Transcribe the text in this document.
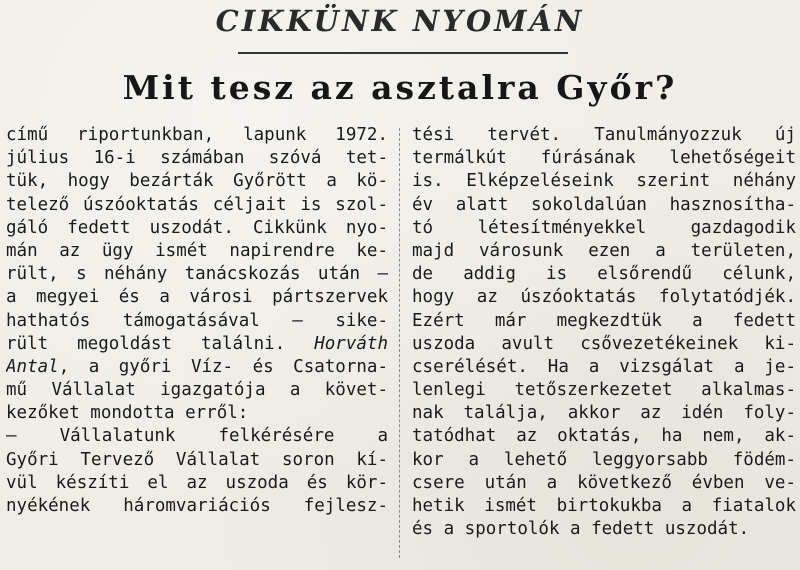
CIKKÜNK NYOMÁN
Mit tesz az asztalra Győr?
című riportunkban, lapunk 1972.
július 16-i számában szóvá tet-
tük, hogy bezárták Győrött a kö-
telező úszóoktatás céljait is szol-
gáló fedett uszodát. Cikkünk nyo-
mán az ügy ismét napirendre ke-
rült, s néhány tanácskozás után —
a megyei és a városi pártszervek
hathatós támogatásával — sike-
rült megoldást találni. Horváth
Antal, a győri Víz- és Csatorna-
mű Vállalat igazgatója a követ-
kezőket mondotta erről:
— Vállalatunk felkérésére a
Győri Tervező Vállalat soron kí-
vül készíti el az uszoda és kör-
nyékének háromvariációs fejlesz-
tési tervét. Tanulmányozzuk új
termálkút fúrásának lehetőségeit
is. Elképzeléseink szerint néhány
év alatt sokoldalúan hasznosítha-
tó létesítményekkel gazdagodik
majd városunk ezen a területen,
de addig is elsőrendű célunk,
hogy az úszóoktatás folytatódjék.
Ezért már megkezdtük a fedett
uszoda avult csővezetékeinek ki-
cserélését. Ha a vizsgálat a je-
lenlegi tetőszerkezetet alkalmas-
nak találja, akkor az idén foly-
tatódhat az oktatás, ha nem, ak-
kor a lehető leggyorsabb födém-
csere után a következő évben ve-
hetik ismét birtokukba a fiatalok
és a sportolók a fedett uszodát.
